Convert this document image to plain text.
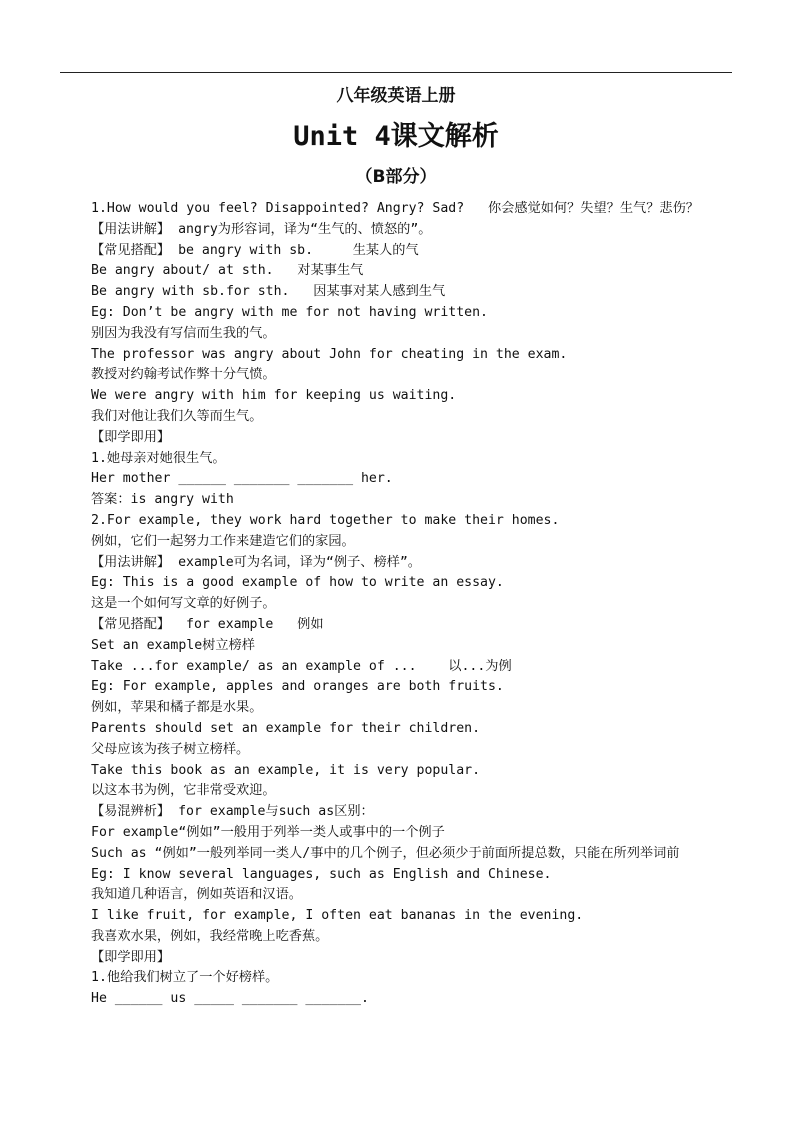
八年级英语上册
Unit 4课文解析
（B部分）
1.How would you feel? Disappointed? Angry? Sad?   你会感觉如何？失望？生气？悲伤？
【用法讲解】 angry为形容词，译为“生气的、愤怒的”。
【常见搭配】 be angry with sb.     生某人的气
Be angry about/ at sth.   对某事生气
Be angry with sb.for sth.   因某事对某人感到生气
Eg: Don’t be angry with me for not having written.
别因为我没有写信而生我的气。
The professor was angry about John for cheating in the exam.
教授对约翰考试作弊十分气愤。
We were angry with him for keeping us waiting.
我们对他让我们久等而生气。
【即学即用】
1.她母亲对她很生气。
Her mother ______ _______ _______ her.
答案：is angry with
2.For example, they work hard together to make their homes.
例如，它们一起努力工作来建造它们的家园。
【用法讲解】 example可为名词，译为“例子、榜样”。
Eg: This is a good example of how to write an essay.
这是一个如何写文章的好例子。
【常见搭配】  for example   例如
Set an example树立榜样
Take ...for example/ as an example of ...    以...为例
Eg: For example, apples and oranges are both fruits.
例如，苹果和橘子都是水果。
Parents should set an example for their children.
父母应该为孩子树立榜样。
Take this book as an example, it is very popular.
以这本书为例，它非常受欢迎。
【易混辨析】 for example与such as区别：
For example“例如”一般用于列举一类人或事中的一个例子
Such as “例如”一般列举同一类人/事中的几个例子，但必须少于前面所提总数，只能在所列举词前
Eg: I know several languages, such as English and Chinese.
我知道几种语言，例如英语和汉语。
I like fruit, for example, I often eat bananas in the evening.
我喜欢水果，例如，我经常晚上吃香蕉。
【即学即用】
1.他给我们树立了一个好榜样。
He ______ us _____ _______ _______.
